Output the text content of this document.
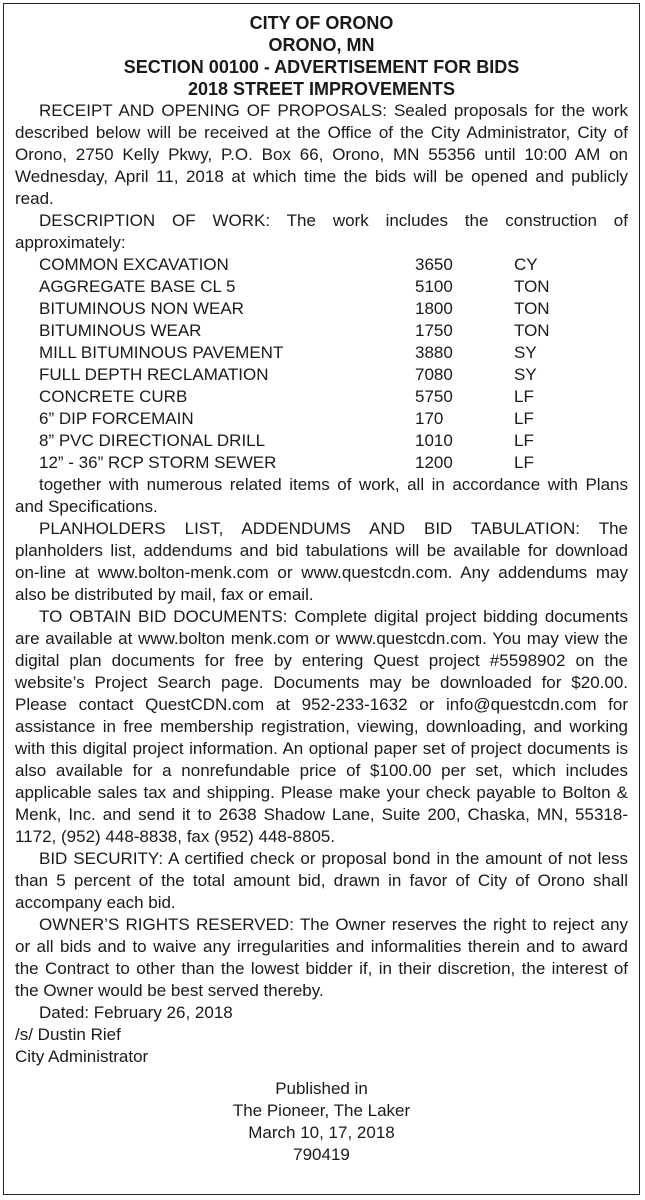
CITY OF ORONO
ORONO, MN
SECTION 00100 - ADVERTISEMENT FOR BIDS
2018 STREET IMPROVEMENTS

RECEIPT AND OPENING OF PROPOSALS: Sealed proposals for the work described below will be received at the Office of the City Administrator, City of Orono, 2750 Kelly Pkwy, P.O. Box 66, Orono, MN 55356 until 10:00 AM on Wednesday, April 11, 2018 at which time the bids will be opened and publicly read.

DESCRIPTION OF WORK: The work includes the construction of approximately:

COMMON EXCAVATION	3650	CY
AGGREGATE BASE CL 5	5100	TON
BITUMINOUS NON WEAR	1800	TON
BITUMINOUS WEAR	1750	TON
MILL BITUMINOUS PAVEMENT	3880	SY
FULL DEPTH RECLAMATION	7080	SY
CONCRETE CURB	5750	LF
6” DIP FORCEMAIN	170	LF
8” PVC DIRECTIONAL DRILL	1010	LF
12” - 36” RCP STORM SEWER	1200	LF

together with numerous related items of work, all in accordance with Plans and Specifications.

PLANHOLDERS LIST, ADDENDUMS AND BID TABULATION: The planholders list, addendums and bid tabulations will be available for download on-line at www.bolton-menk.com or www.questcdn.com. Any addendums may also be distributed by mail, fax or email.

TO OBTAIN BID DOCUMENTS: Complete digital project bidding documents are available at www.bolton menk.com or www.questcdn.com. You may view the digital plan documents for free by entering Quest project #5598902 on the website’s Project Search page. Documents may be downloaded for $20.00. Please contact QuestCDN.com at 952-233-1632 or info@questcdn.com for assistance in free membership registration, viewing, downloading, and working with this digital project information. An optional paper set of project documents is also available for a nonrefundable price of $100.00 per set, which includes applicable sales tax and shipping. Please make your check payable to Bolton & Menk, Inc. and send it to 2638 Shadow Lane, Suite 200, Chaska, MN, 55318-1172, (952) 448-8838, fax (952) 448-8805.

BID SECURITY: A certified check or proposal bond in the amount of not less than 5 percent of the total amount bid, drawn in favor of City of Orono shall accompany each bid.

OWNER’S RIGHTS RESERVED: The Owner reserves the right to reject any or all bids and to waive any irregularities and informalities therein and to award the Contract to other than the lowest bidder if, in their discretion, the interest of the Owner would be best served thereby.

Dated: February 26, 2018
/s/ Dustin Rief
City Administrator
Published in
The Pioneer, The Laker
March 10, 17, 2018
790419
